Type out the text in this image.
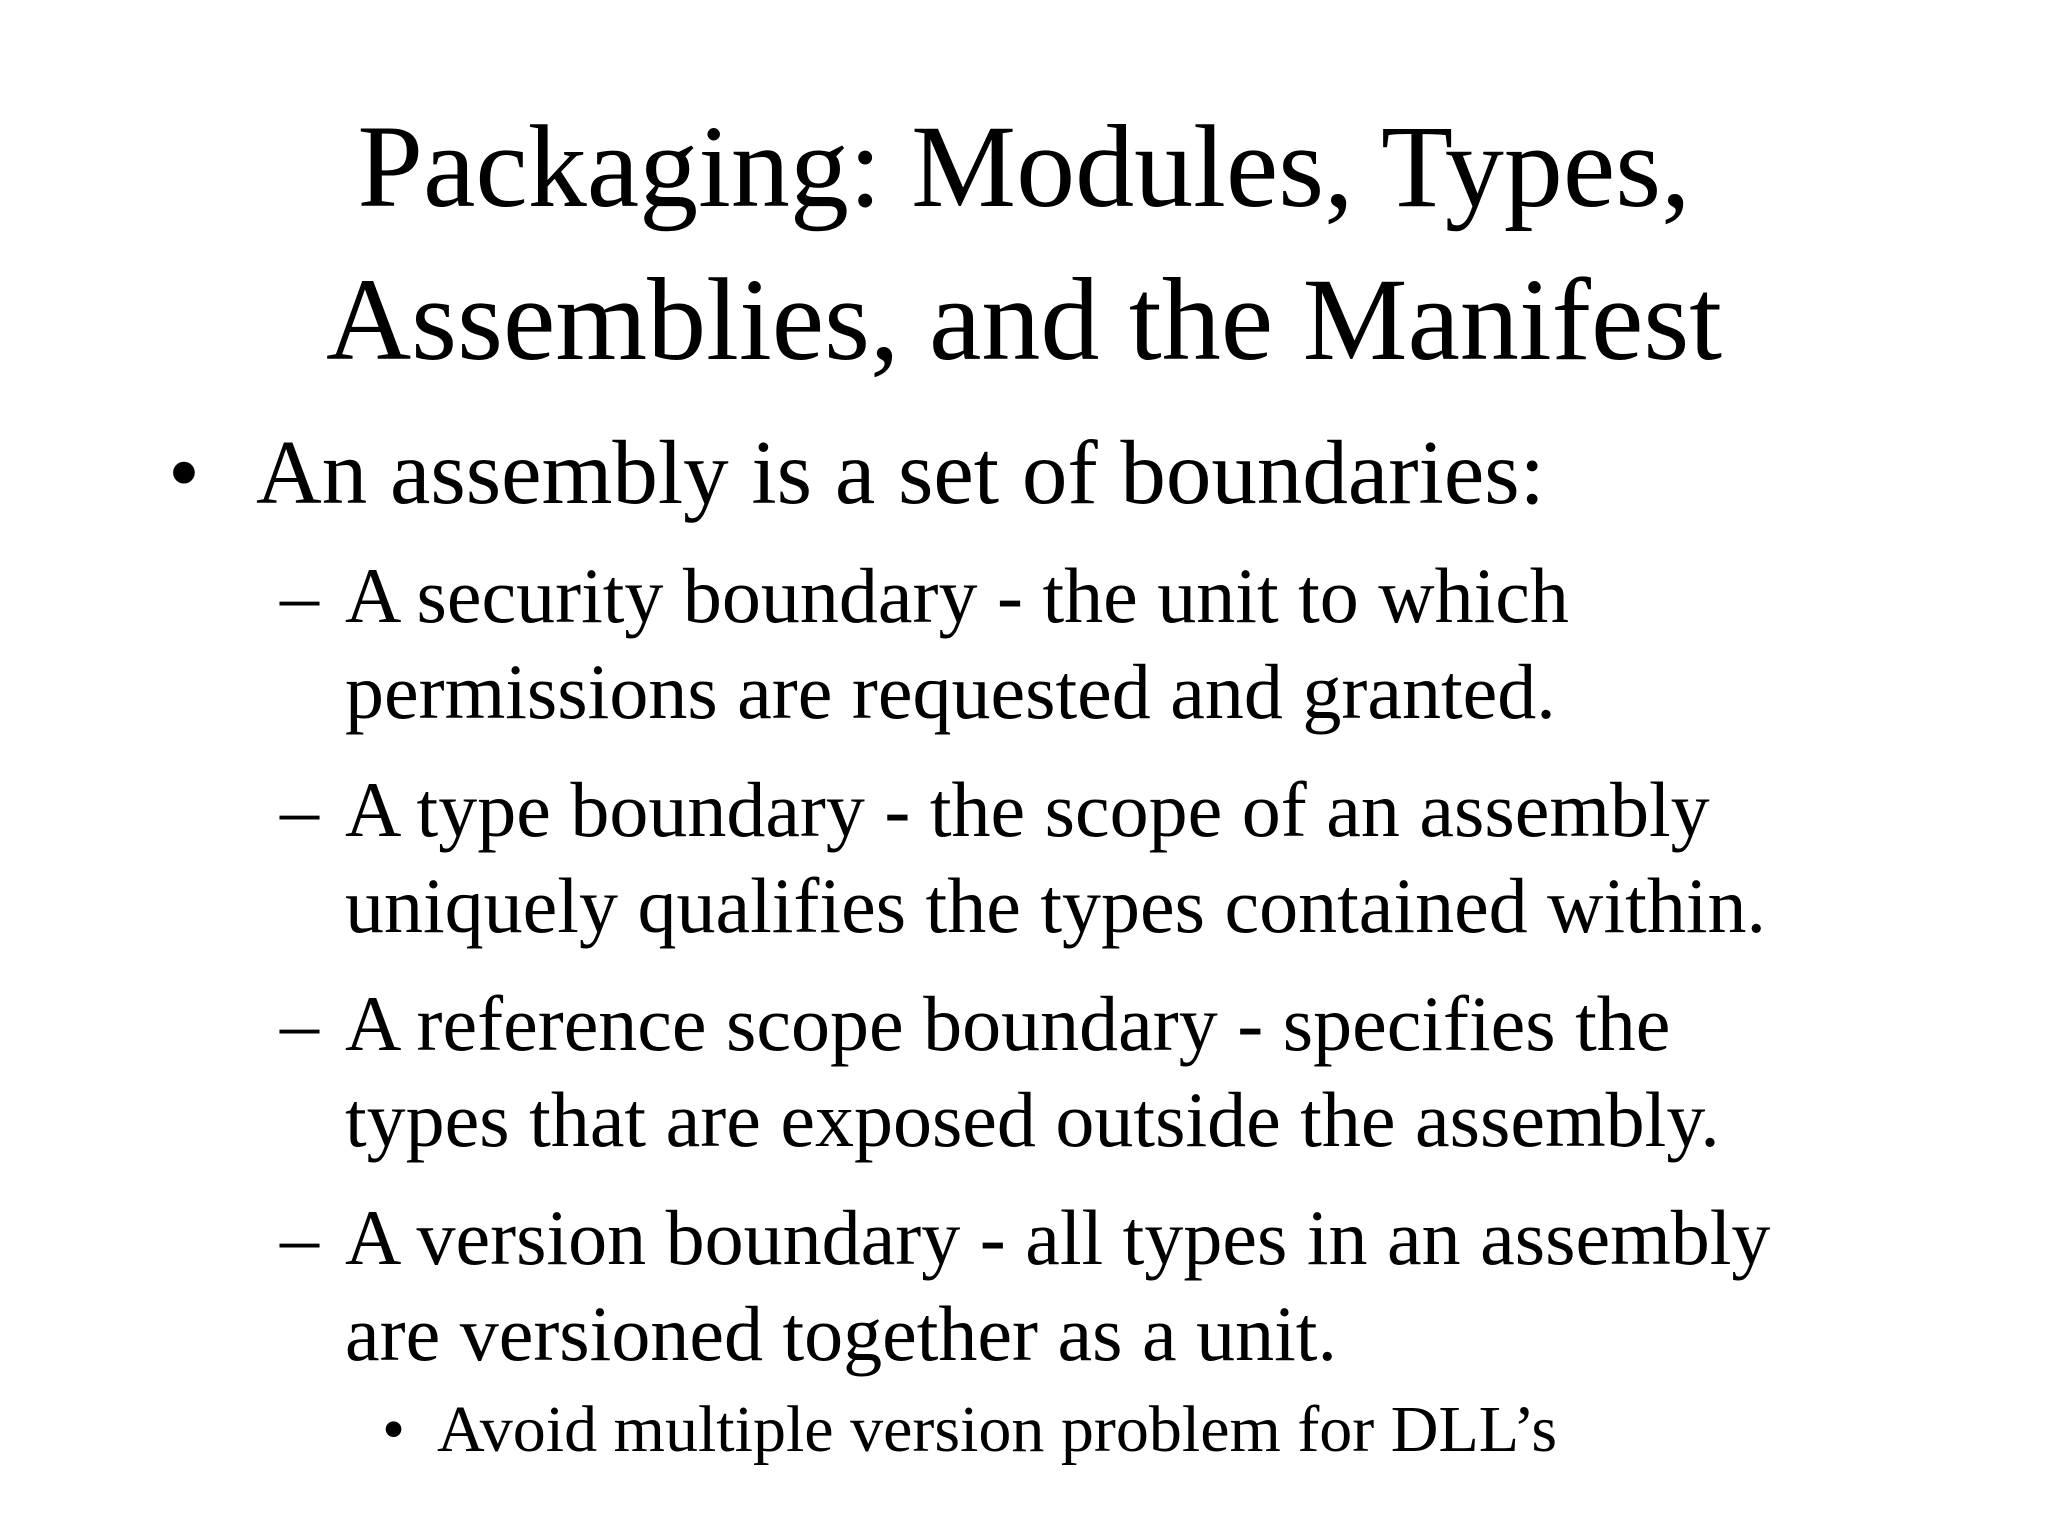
Packaging: Modules, Types,
Assemblies, and the Manifest
• An assembly is a set of boundaries:
– A security boundary - the unit to which
permissions are requested and granted.
– A type boundary - the scope of an assembly
uniquely qualifies the types contained within.
– A reference scope boundary - specifies the
types that are exposed outside the assembly.
– A version boundary - all types in an assembly
are versioned together as a unit.
• Avoid multiple version problem for DLL’s
